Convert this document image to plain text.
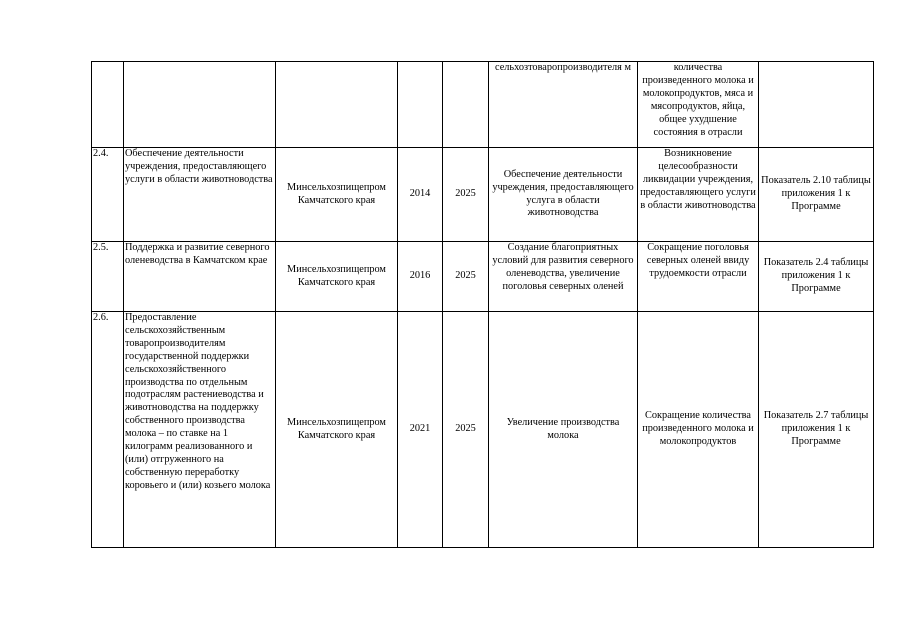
					сельхозтоваропроизводителя м	количества произведенного молока и молокопродуктов, мяса и мясопродуктов, яйца, общее ухудшение состояния в отрасли	
2.4.	Обеспечение деятельности учреждения, предоставляющего услуги в области животноводства	Минсельхозпищепром Камчатского края	2014	2025	Обеспечение деятельности учреждения, предоставляющего услуга в области животноводства	Возникновение целесообразности ликвидации учреждения, предоставляющего услуги в области животноводства	Показатель 2.10 таблицы приложения 1 к Программе
2.5.	Поддержка и развитие северного оленеводства в Камчатском крае	Минсельхозпищепром Камчатского края	2016	2025	Создание благоприятных условий для развития северного оленеводства, увеличение поголовья северных оленей	Сокращение поголовья северных оленей ввиду трудоемкости отрасли	Показатель 2.4 таблицы приложения 1 к Программе
2.6.	Предоставление сельскохозяйственным товаропроизводителям государственной поддержки сельскохозяйственного производства по отдельным подотраслям растениеводства и животноводства на поддержку собственного производства молока – по ставке на 1 килограмм реализованного и (или) отгруженного на собственную переработку коровьего и (или) козьего молока	Минсельхозпищепром Камчатского края	2021	2025	Увеличение производства молока	Сокращение количества произведенного молока и молокопродуктов	Показатель 2.7 таблицы приложения 1 к Программе
